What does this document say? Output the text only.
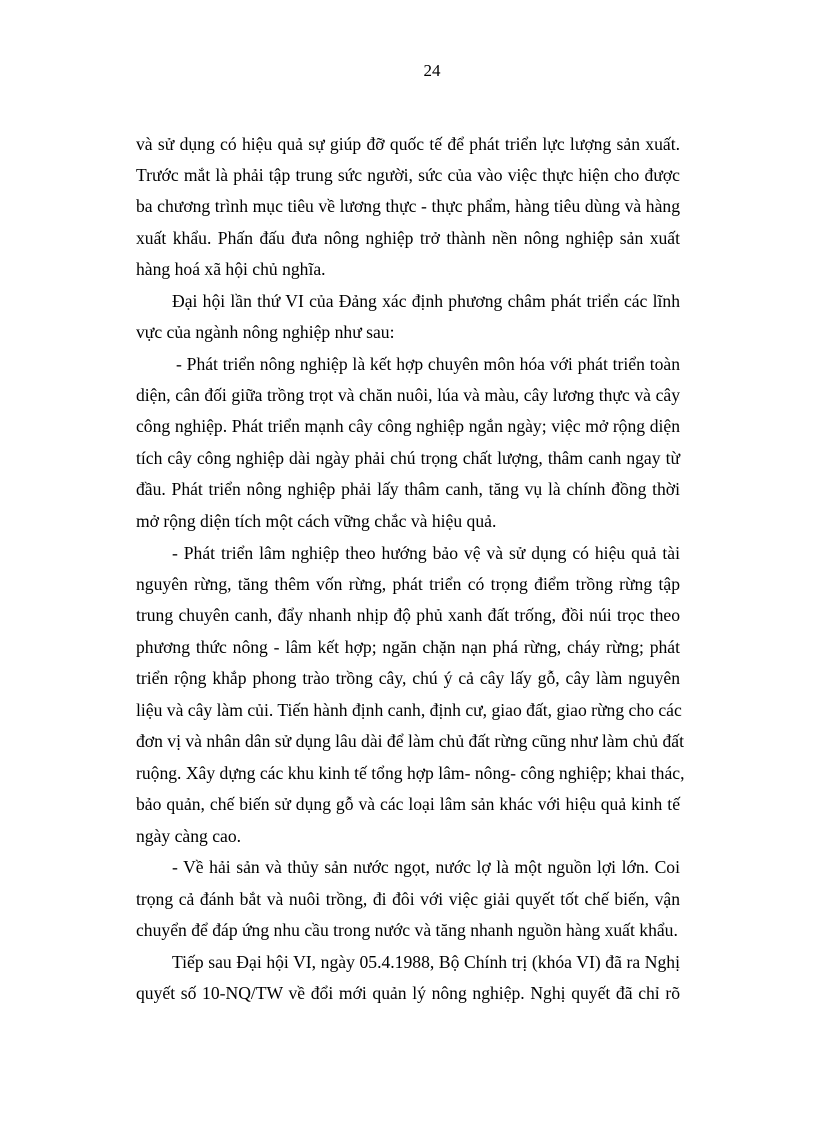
24
và sử dụng có hiệu quả sự giúp đỡ quốc tế để phát triển lực lượng sản xuất.
Trước mắt là phải tập trung sức người, sức của vào việc thực hiện cho được
ba chương trình mục tiêu về lương thực - thực phẩm, hàng tiêu dùng và hàng
xuất khẩu. Phấn đấu đưa nông nghiệp trở thành nền nông nghiệp sản xuất
hàng hoá xã hội chủ nghĩa.
Đại hội lần thứ VI của Đảng xác định phương châm phát triển các lĩnh
vực của ngành nông nghiệp như sau:
- Phát triển nông nghiệp là kết hợp chuyên môn hóa với phát triển toàn
diện, cân đối giữa trồng trọt và chăn nuôi, lúa và màu, cây lương thực và cây
công nghiệp. Phát triển mạnh cây công nghiệp ngắn ngày; việc mở rộng diện
tích cây công nghiệp dài ngày phải chú trọng chất lượng, thâm canh ngay từ
đầu. Phát triển nông nghiệp phải lấy thâm canh, tăng vụ là chính đồng thời
mở rộng diện tích một cách vững chắc và hiệu quả.
- Phát triển lâm nghiệp theo hướng bảo vệ và sử dụng có hiệu quả tài
nguyên rừng, tăng thêm vốn rừng, phát triển có trọng điểm trồng rừng tập
trung chuyên canh, đẩy nhanh nhịp độ phủ xanh đất trống, đồi núi trọc theo
phương thức nông - lâm kết hợp; ngăn chặn nạn phá rừng, cháy rừng; phát
triển rộng khắp phong trào trồng cây, chú ý cả cây lấy gỗ, cây làm nguyên
liệu và cây làm củi. Tiến hành định canh, định cư, giao đất, giao rừng cho các
đơn vị và nhân dân sử dụng lâu dài để làm chủ đất rừng cũng như làm chủ đất
ruộng. Xây dựng các khu kinh tế tổng hợp lâm- nông- công nghiệp; khai thác,
bảo quản, chế biến sử dụng gỗ và các loại lâm sản khác với hiệu quả kinh tế
ngày càng cao.
- Về hải sản và thủy sản nước ngọt, nước lợ là một nguồn lợi lớn. Coi
trọng cả đánh bắt và nuôi trồng, đi đôi với việc giải quyết tốt chế biến, vận
chuyển để đáp ứng nhu cầu trong nước và tăng nhanh nguồn hàng xuất khẩu.
Tiếp sau Đại hội VI, ngày 05.4.1988, Bộ Chính trị (khóa VI) đã ra Nghị
quyết số 10-NQ/TW về đổi mới quản lý nông nghiệp. Nghị quyết đã chỉ rõ
